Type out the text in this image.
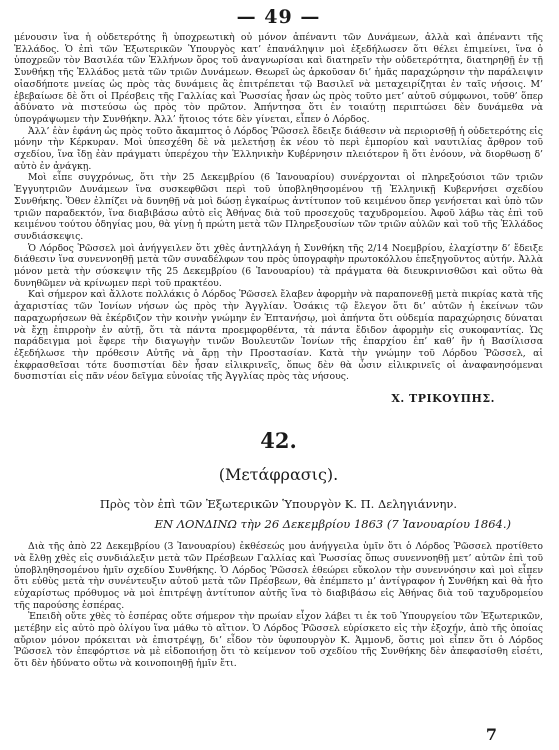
— 49 —

μένουσιν ἵνα ἡ οὐδετερότης ἢ ὑποχρεωτικὴ οὐ μόνον ἀπέναντι τῶν Δυνάμεων, ἀλλὰ καὶ ἀπέναντι τῆς Ἑλλάδος. Ὁ ἐπὶ τῶν Ἐξωτερικῶν Ὑπουργὸς κατ’ ἐπανάληψιν μοὶ ἐξεδήλωσεν ὅτι θέλει ἐπιμείνει, ἵνα ὁ ὑποχρεῶν τὸν Βασιλέα τῶν Ἑλλήνων ὅρος τοῦ ἀναγνωρίσαι καὶ διατηρεῖν τὴν οὐδετερότητα, διατηρηθῇ ἐν τῇ Συνθήκῃ τῆς Ἑλλάδος μετὰ τῶν τριῶν Δυνάμεων. Θεωρεῖ ὡς ἀρκοῦσαν δι’ ἡμᾶς παραχώρησιν τὴν παράλειψιν οἱασδήποτε μνείας ὡς πρὸς τὰς δυνάμεις ἃς ἐπιτρέπεται τῷ Βασιλεῖ νὰ μεταχειρίζηται ἐν ταῖς νήσοις. Μ’ ἐβεβαίωσε δὲ ὅτι οἱ Πρέσβεις τῆς Γαλλίας καὶ Ῥωσσίας ἦσαν ὡς πρὸς τοῦτο μετ’ αὐτοῦ σύμφωνοι, τοῦθ’ ὅπερ ἀδύνατο νὰ πιστεύσω ὡς πρὸς τὸν πρῶτον. Ἀπήντησα ὅτι ἐν τοιαύτῃ περιπτώσει δὲν δυνάμεθα νὰ ὑπογράψωμεν τὴν Συνθήκην. Ἀλλ’ ἥτοιος τότε δὲν γίνεται, εἶπεν ὁ Λόρδος.

Ἀλλ’ ἐὰν ἐφάνη ὡς πρὸς τοῦτο ἄκαμπτος ὁ Λόρδος Ῥῶσσελ ἔδειξε διάθεσιν νὰ περιορισθῇ ἡ οὐδετερότης εἰς μόνην τὴν Κέρκυραν. Μοὶ ὑπεσχέθη δὲ νὰ μελετήσῃ ἐκ νέου τὸ περὶ ἐμπορίου καὶ ναυτιλίας ἄρθρον τοῦ σχεδίου, ἵνα ἴδῃ ἐὰν πράγματι ὑπερέχου τὴν Ἑλληνικὴν Κυβέρνησιν πλειότερον ἢ ὅτι ἐνόουν, νὰ διορθωσῃ δ’ αὐτὸ ἐν ἀνάγκῃ.

Μοὶ εἶπε συγχρόνως, ὅτι τὴν 25 Δεκεμβρίου (6 Ἰανουαρίου) συνέρχονται οἱ πληρεξούσιοι τῶν τριῶν Ἐγγυητριῶν Δυνάμεων ἵνα συσκεφθῶσι περὶ τοῦ ὑποβληθησομένου τῇ Ἑλληνικῇ Κυβερνήσει σχεδίου Συνθήκης. Ὅθεν ἐλπίζει νὰ δυνηθῇ νὰ μοὶ δώσῃ ἐγκαίρως ἀντίτυπον τοῦ κειμένου ὅπερ γενήσεται καὶ ὑπὸ τῶν τριῶν παραδεκτόν, ἵνα διαβιβάσω αὐτὸ εἰς Ἀθήνας διὰ τοῦ προσεχοῦς ταχυδρομείου. Ἀφοῦ λάβω τὰς ἐπὶ τοῦ κειμένου τούτου ὁδηγίας μου, θὰ γίνῃ ἡ πρώτη μετὰ τῶν Πληρεξουσίων τῶν τριῶν αὐλῶν καὶ τοῦ τῆς Ἑλλάδος συνδιάσκεψις.

Ὁ Λόρδος Ῥῶσσελ μοὶ ἀνήγγειλεν ὅτι χθὲς ἀντηλλάγη ἡ Συνθήκη τῆς 2/14 Νοεμβρίου, ἐλαχίστην δ’ ἔδειξε διάθεσιν ἵνα συνεννοηθῇ μετὰ τῶν συναδέλφων του πρὸς ὑπογραφὴν πρωτοκόλλου ἐπεξηγοῦντος αὐτήν. Ἀλλὰ μόνον μετὰ τὴν σύσκεψιν τῆς 25 Δεκεμβρίου (6 Ἰανουαρίου) τὰ πράγματα θὰ διευκρινισθῶσι καὶ οὕτω θὰ δυνηθῶμεν νὰ κρίνωμεν περὶ τοῦ πρακτέου.

Καὶ σήμερον καὶ ἄλλοτε πολλάκις ὁ Λόρδος Ῥῶσσελ ἔλαβεν ἀφορμὴν νὰ παραπονεθῇ μετὰ πικρίας κατὰ τῆς ἀχαριστίας τῶν Ἰονίων νήσων ὡς πρὸς τὴν Ἀγγλίαν. Ὁσάκις τῷ ἔλεγον ὅτι δι’ αὐτῶν ἡ ἐκείνων τῶν παραχωρήσεων θὰ ἐκέρδιζον τὴν κοινὴν γνώμην ἐν Ἑπτανήσῳ, μοὶ ἀπήντα ὅτι οὐδεμία παραχώρησις δύναται νὰ ἔχῃ ἐπιρροὴν ἐν αὐτῇ, ὅτι τὰ πάντα προεμφορθέντα, τὰ πάντα ἔδιδον ἀφορμὴν εἰς συκοφαντίας. Ὡς παράδειγμα μοὶ ἔφερε τὴν διαγωγὴν τινῶν Βουλευτῶν Ἰονίων τῆς ἐπαρχίου ἐπ’ καθ’ ἣν ἡ Βασίλισσα ἐξεδήλωσε τὴν πρόθεσιν Αὐτῆς νὰ ἄρῃ τὴν Προστασίαν. Κατὰ τὴν γνώμην τοῦ Λόρδου Ῥῶσσελ, αἱ ἐκφρασθεῖσαι τότε δυσπιστίαι δὲν ἦσαν εἰλικρινεῖς, ὅπως δὲν θὰ ὦσιν εἰλικρινεῖς οἱ ἀναφανησόμεναι δυσπιστίαι εἰς πᾶν νέον δεῖγμα εὐνοίας τῆς Ἀγγλίας πρὸς τὰς νήσους.

Χ. ΤΡΙΚΟΥΠΗΣ.
42.
(Μετάφρασις).
Πρὸς τὸν ἐπὶ τῶν Ἐξωτερικῶν Ὑπουργὸν Κ. Π. Δεληγιάννην.
ΕΝ ΛΟΝΔΙΝΩ τὴν 26 Δεκεμβρίου 1863 (7 Ἰανουαρίου 1864.)

Διὰ τῆς ἀπὸ 22 Δεκεμβρίου (3 Ἰανουαρίου) ἐκθέσεώς μου ἀνήγγειλα ὑμῖν ὅτι ὁ Λόρδος Ῥῶσσελ προτίθετο νὰ ἔλθῃ χθὲς εἰς συνδιάλεξιν μετὰ τῶν Πρέσβεων Γαλλίας καὶ Ῥωσσίας ὅπως συνεννοηθῇ μετ’ αὐτῶν ἐπὶ τοῦ ὑποβληθησομένου ἡμῖν σχεδίου Συνθήκης. Ὁ Λόρδος Ῥῶσσελ ἐθεώρει εὔκολον τὴν συνεννόησιν καὶ μοὶ εἶπεν ὅτι εὐθὺς μετὰ τὴν συνέντευξιν αὐτοῦ μετὰ τῶν Πρέσβεων, θὰ ἐπέμπετο μ’ ἀντίγραφον ἡ Συνθήκη καὶ θὰ ἦτο εὐχαρίστως πρόθυμος νὰ μοὶ ἐπιτρέψῃ ἀντίτυπον αὐτῆς ἵνα τὸ διαβιβάσω εἰς Ἀθήνας διὰ τοῦ ταχυδρομείου τῆς παρούσης ἑσπέρας.

Ἐπειδὴ οὔτε χθὲς τὸ ἑσπέρας οὔτε σήμερον τὴν πρωίαν εἶχον λάβει τι ἐκ τοῦ Ὑπουργείου τῶν Ἐξωτερικῶν, μετέβην εἰς αὐτὸ πρὸ ὀλίγου ἵνα μάθω τὸ αἴτιον. Ὁ Λόρδος Ῥῶσσελ εὑρίσκετο εἰς τὴν ἐξοχήν, ἀπὸ τῆς ὁποίας αὔριον μόνον πρόκειται νὰ ἐπιστρέψῃ, δι’ εἶδον τὸν ὑφυπουργὸν Κ. Ἀμμονδ, ὅστις μοὶ εἶπεν ὅτι ὁ Λόρδος Ῥῶσσελ τὸν ἐπεφόρτισε νὰ μὲ εἰδοποιήσῃ ὅτι τὸ κείμενον τοῦ σχεδίου τῆς Συνθήκης δὲν ἀπεφασίσθη εἰσέτι, ὅτι δὲν ἠδύνατο οὕτω νὰ κοινοποιηθῇ ἡμῖν ἔτι.

7
